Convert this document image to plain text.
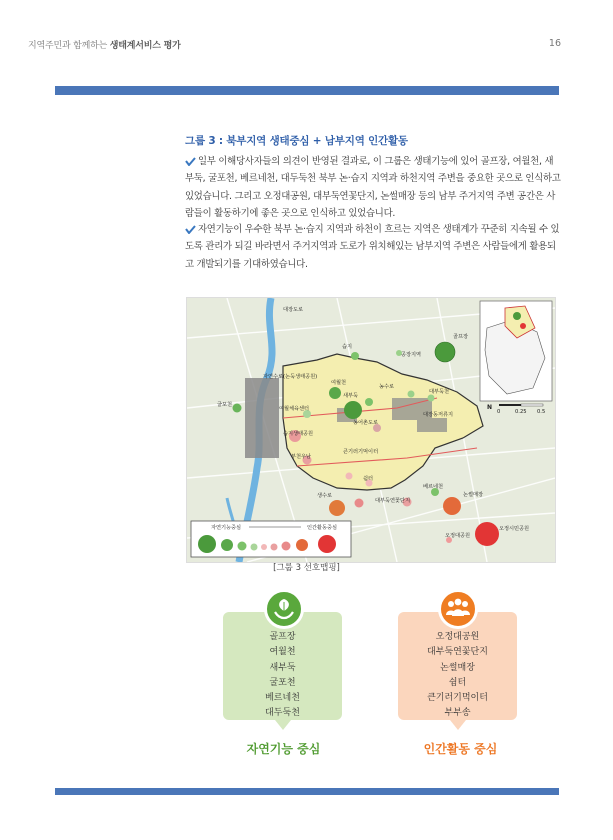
지역주민과 함께하는 생태계서비스 평가	16
그룹 3 : 북부지역 생태중심 + 남부지역 인간활동
일부 이해당사자들의 의견이 반영된 결과로, 이 그룹은 생태기능에 있어 골프장, 여월천, 새부둑, 굴포천, 베르네천, 대두둑천 북부 논·습지 지역과 하천지역 주변을 중요한 곳으로 인식하고 있었습니다. 그리고 오정대공원, 대부둑연꽃단지, 논썰매장 등의 남부 주거지역 주변 공간은 사람들이 활동하기에 좋은 곳으로 인식하고 있었습니다.
자연기능이 우수한 북부 논·습지 지역과 하천이 흐르는 지역은 생태계가 꾸준히 지속될 수 있도록 관리가 되길 바라면서 주거지역과 도로가 위치해있는 남부지역 주변은 사람들에게 활용되고 개발되기를 기대하였습니다.
대장도로
습지
골프장
굴포천
공장지역
자연수로(논둑생태공원)
여월천
새부둑
대부둑천
농수로
여월체육센터
습지생태공원
농어촌도로
대장동저류지
부천우남
큰기러기먹이터
쉼터
생수로
베르네천
대부둑연꽃단지
논썰매장
오정대공원
오정시민공원
N
0	0.25 0.5
자연기능중심	인간활동중심
[그룹 3 선호맵핑]
골프장
여월천
새부둑
굴포천
베르네천
대두둑천
자연기능 중심
오정대공원
대부둑연꽃단지
논썰매장
쉼터
큰기러기먹이터
부부송
인간활동 중심
